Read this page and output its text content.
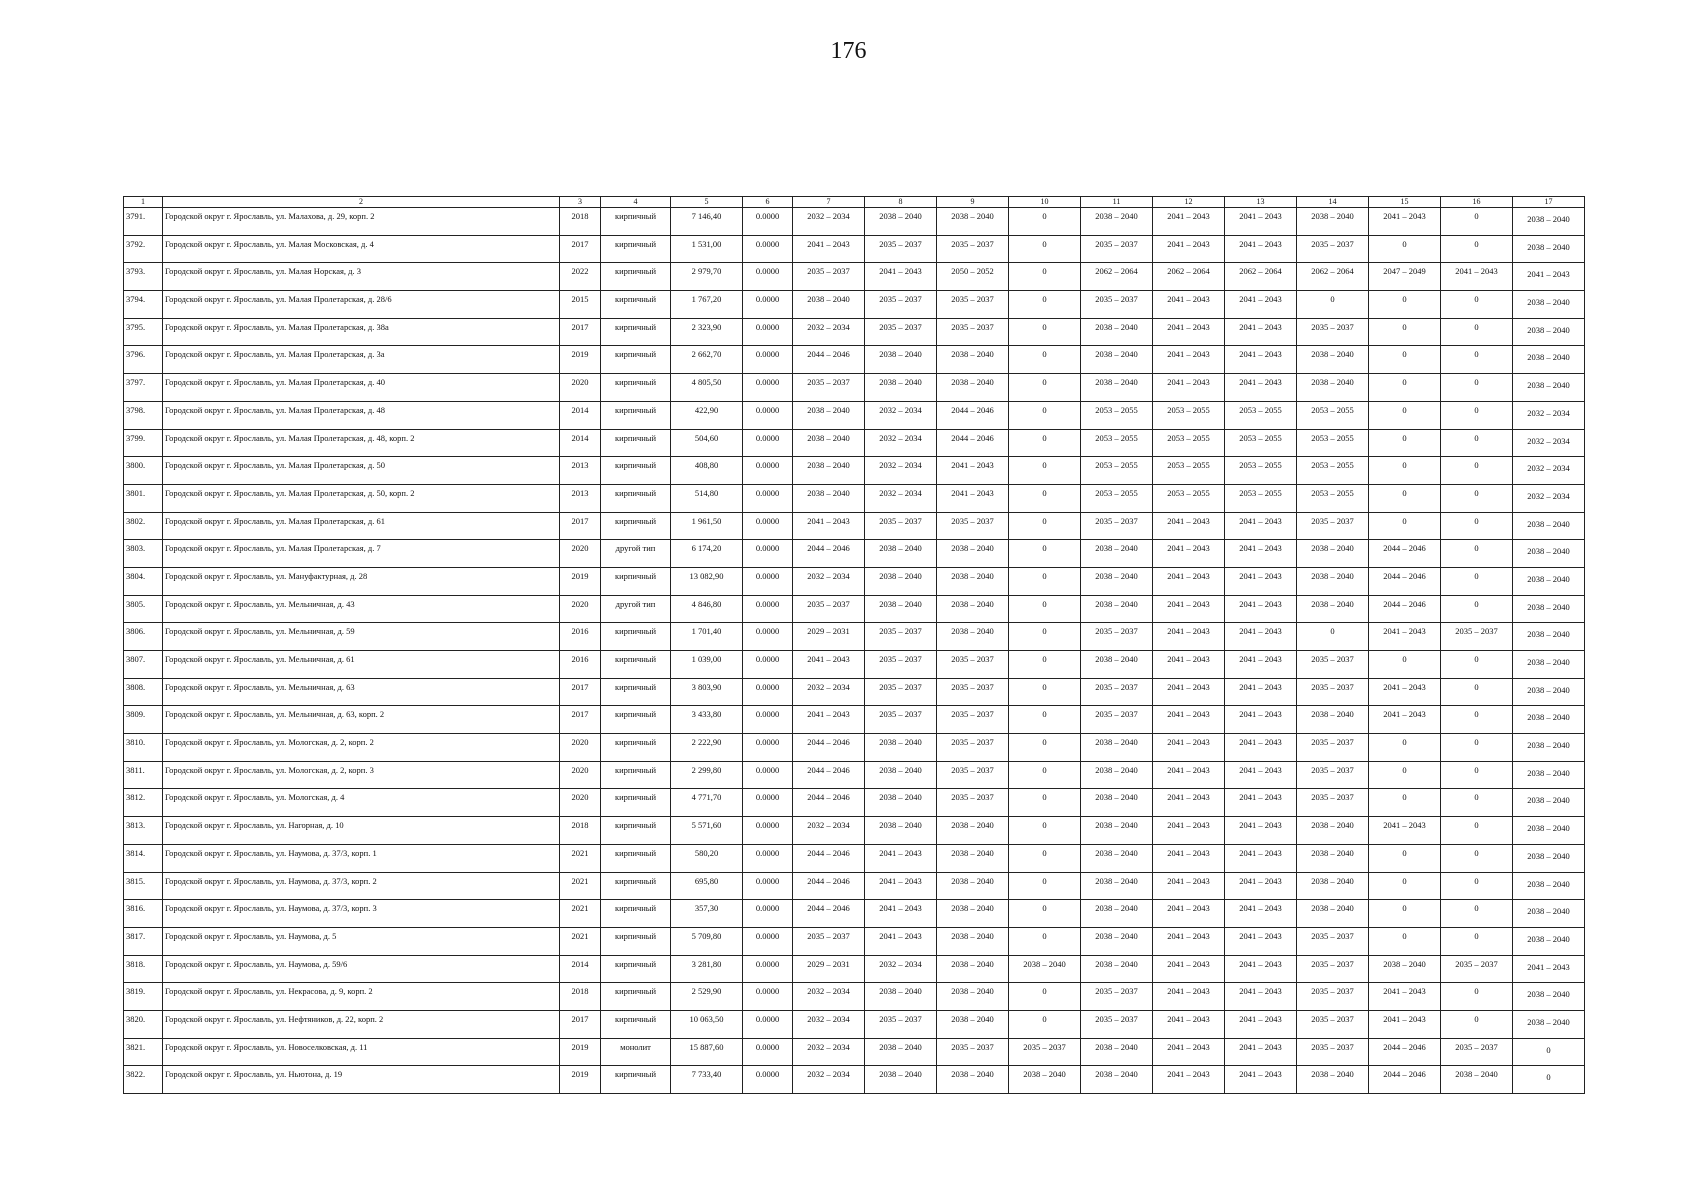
176
1	2	3	4	5	6	7	8	9	10	11	12	13	14	15	16	17
3791.	Городской округ г. Ярославль, ул. Малахова, д. 29, корп. 2	2018	кирпичный	7 146,40	0.0000	2032 – 2034	2038 – 2040	2038 – 2040	0	2038 – 2040	2041 – 2043	2041 – 2043	2038 – 2040	2041 – 2043	0	2038 – 2040
3792.	Городской округ г. Ярославль, ул. Малая Московская, д. 4	2017	кирпичный	1 531,00	0.0000	2041 – 2043	2035 – 2037	2035 – 2037	0	2035 – 2037	2041 – 2043	2041 – 2043	2035 – 2037	0	0	2038 – 2040
3793.	Городской округ г. Ярославль, ул. Малая Норская, д. 3	2022	кирпичный	2 979,70	0.0000	2035 – 2037	2041 – 2043	2050 – 2052	0	2062 – 2064	2062 – 2064	2062 – 2064	2062 – 2064	2047 – 2049	2041 – 2043	2041 – 2043
3794.	Городской округ г. Ярославль, ул. Малая Пролетарская, д. 28/6	2015	кирпичный	1 767,20	0.0000	2038 – 2040	2035 – 2037	2035 – 2037	0	2035 – 2037	2041 – 2043	2041 – 2043	0	0	0	2038 – 2040
3795.	Городской округ г. Ярославль, ул. Малая Пролетарская, д. 38а	2017	кирпичный	2 323,90	0.0000	2032 – 2034	2035 – 2037	2035 – 2037	0	2038 – 2040	2041 – 2043	2041 – 2043	2035 – 2037	0	0	2038 – 2040
3796.	Городской округ г. Ярославль, ул. Малая Пролетарская, д. 3а	2019	кирпичный	2 662,70	0.0000	2044 – 2046	2038 – 2040	2038 – 2040	0	2038 – 2040	2041 – 2043	2041 – 2043	2038 – 2040	0	0	2038 – 2040
3797.	Городской округ г. Ярославль, ул. Малая Пролетарская, д. 40	2020	кирпичный	4 805,50	0.0000	2035 – 2037	2038 – 2040	2038 – 2040	0	2038 – 2040	2041 – 2043	2041 – 2043	2038 – 2040	0	0	2038 – 2040
3798.	Городской округ г. Ярославль, ул. Малая Пролетарская, д. 48	2014	кирпичный	422,90	0.0000	2038 – 2040	2032 – 2034	2044 – 2046	0	2053 – 2055	2053 – 2055	2053 – 2055	2053 – 2055	0	0	2032 – 2034
3799.	Городской округ г. Ярославль, ул. Малая Пролетарская, д. 48, корп. 2	2014	кирпичный	504,60	0.0000	2038 – 2040	2032 – 2034	2044 – 2046	0	2053 – 2055	2053 – 2055	2053 – 2055	2053 – 2055	0	0	2032 – 2034
3800.	Городской округ г. Ярославль, ул. Малая Пролетарская, д. 50	2013	кирпичный	408,80	0.0000	2038 – 2040	2032 – 2034	2041 – 2043	0	2053 – 2055	2053 – 2055	2053 – 2055	2053 – 2055	0	0	2032 – 2034
3801.	Городской округ г. Ярославль, ул. Малая Пролетарская, д. 50, корп. 2	2013	кирпичный	514,80	0.0000	2038 – 2040	2032 – 2034	2041 – 2043	0	2053 – 2055	2053 – 2055	2053 – 2055	2053 – 2055	0	0	2032 – 2034
3802.	Городской округ г. Ярославль, ул. Малая Пролетарская, д. 61	2017	кирпичный	1 961,50	0.0000	2041 – 2043	2035 – 2037	2035 – 2037	0	2035 – 2037	2041 – 2043	2041 – 2043	2035 – 2037	0	0	2038 – 2040
3803.	Городской округ г. Ярославль, ул. Малая Пролетарская, д. 7	2020	другой тип	6 174,20	0.0000	2044 – 2046	2038 – 2040	2038 – 2040	0	2038 – 2040	2041 – 2043	2041 – 2043	2038 – 2040	2044 – 2046	0	2038 – 2040
3804.	Городской округ г. Ярославль, ул. Мануфактурная, д. 28	2019	кирпичный	13 082,90	0.0000	2032 – 2034	2038 – 2040	2038 – 2040	0	2038 – 2040	2041 – 2043	2041 – 2043	2038 – 2040	2044 – 2046	0	2038 – 2040
3805.	Городской округ г. Ярославль, ул. Мельничная, д. 43	2020	другой тип	4 846,80	0.0000	2035 – 2037	2038 – 2040	2038 – 2040	0	2038 – 2040	2041 – 2043	2041 – 2043	2038 – 2040	2044 – 2046	0	2038 – 2040
3806.	Городской округ г. Ярославль, ул. Мельничная, д. 59	2016	кирпичный	1 701,40	0.0000	2029 – 2031	2035 – 2037	2038 – 2040	0	2035 – 2037	2041 – 2043	2041 – 2043	0	2041 – 2043	2035 – 2037	2038 – 2040
3807.	Городской округ г. Ярославль, ул. Мельничная, д. 61	2016	кирпичный	1 039,00	0.0000	2041 – 2043	2035 – 2037	2035 – 2037	0	2038 – 2040	2041 – 2043	2041 – 2043	2035 – 2037	0	0	2038 – 2040
3808.	Городской округ г. Ярославль, ул. Мельничная, д. 63	2017	кирпичный	3 803,90	0.0000	2032 – 2034	2035 – 2037	2035 – 2037	0	2035 – 2037	2041 – 2043	2041 – 2043	2035 – 2037	2041 – 2043	0	2038 – 2040
3809.	Городской округ г. Ярославль, ул. Мельничная, д. 63, корп. 2	2017	кирпичный	3 433,80	0.0000	2041 – 2043	2035 – 2037	2035 – 2037	0	2035 – 2037	2041 – 2043	2041 – 2043	2038 – 2040	2041 – 2043	0	2038 – 2040
3810.	Городской округ г. Ярославль, ул. Мологская, д. 2, корп. 2	2020	кирпичный	2 222,90	0.0000	2044 – 2046	2038 – 2040	2035 – 2037	0	2038 – 2040	2041 – 2043	2041 – 2043	2035 – 2037	0	0	2038 – 2040
3811.	Городской округ г. Ярославль, ул. Мологская, д. 2, корп. 3	2020	кирпичный	2 299,80	0.0000	2044 – 2046	2038 – 2040	2035 – 2037	0	2038 – 2040	2041 – 2043	2041 – 2043	2035 – 2037	0	0	2038 – 2040
3812.	Городской округ г. Ярославль, ул. Мологская, д. 4	2020	кирпичный	4 771,70	0.0000	2044 – 2046	2038 – 2040	2035 – 2037	0	2038 – 2040	2041 – 2043	2041 – 2043	2035 – 2037	0	0	2038 – 2040
3813.	Городской округ г. Ярославль, ул. Нагорная, д. 10	2018	кирпичный	5 571,60	0.0000	2032 – 2034	2038 – 2040	2038 – 2040	0	2038 – 2040	2041 – 2043	2041 – 2043	2038 – 2040	2041 – 2043	0	2038 – 2040
3814.	Городской округ г. Ярославль, ул. Наумова, д. 37/3, корп. 1	2021	кирпичный	580,20	0.0000	2044 – 2046	2041 – 2043	2038 – 2040	0	2038 – 2040	2041 – 2043	2041 – 2043	2038 – 2040	0	0	2038 – 2040
3815.	Городской округ г. Ярославль, ул. Наумова, д. 37/3, корп. 2	2021	кирпичный	695,80	0.0000	2044 – 2046	2041 – 2043	2038 – 2040	0	2038 – 2040	2041 – 2043	2041 – 2043	2038 – 2040	0	0	2038 – 2040
3816.	Городской округ г. Ярославль, ул. Наумова, д. 37/3, корп. 3	2021	кирпичный	357,30	0.0000	2044 – 2046	2041 – 2043	2038 – 2040	0	2038 – 2040	2041 – 2043	2041 – 2043	2038 – 2040	0	0	2038 – 2040
3817.	Городской округ г. Ярославль, ул. Наумова, д. 5	2021	кирпичный	5 709,80	0.0000	2035 – 2037	2041 – 2043	2038 – 2040	0	2038 – 2040	2041 – 2043	2041 – 2043	2035 – 2037	0	0	2038 – 2040
3818.	Городской округ г. Ярославль, ул. Наумова, д. 59/6	2014	кирпичный	3 281,80	0.0000	2029 – 2031	2032 – 2034	2038 – 2040	2038 – 2040	2038 – 2040	2041 – 2043	2041 – 2043	2035 – 2037	2038 – 2040	2035 – 2037	2041 – 2043
3819.	Городской округ г. Ярославль, ул. Некрасова, д. 9, корп. 2	2018	кирпичный	2 529,90	0.0000	2032 – 2034	2038 – 2040	2038 – 2040	0	2035 – 2037	2041 – 2043	2041 – 2043	2035 – 2037	2041 – 2043	0	2038 – 2040
3820.	Городской округ г. Ярославль, ул. Нефтяников, д. 22, корп. 2	2017	кирпичный	10 063,50	0.0000	2032 – 2034	2035 – 2037	2038 – 2040	0	2035 – 2037	2041 – 2043	2041 – 2043	2035 – 2037	2041 – 2043	0	2038 – 2040
3821.	Городской округ г. Ярославль, ул. Новоселковская, д. 11	2019	монолит	15 887,60	0.0000	2032 – 2034	2038 – 2040	2035 – 2037	2035 – 2037	2038 – 2040	2041 – 2043	2041 – 2043	2035 – 2037	2044 – 2046	2035 – 2037	0
3822.	Городской округ г. Ярославль, ул. Ньютона, д. 19	2019	кирпичный	7 733,40	0.0000	2032 – 2034	2038 – 2040	2038 – 2040	2038 – 2040	2038 – 2040	2041 – 2043	2041 – 2043	2038 – 2040	2044 – 2046	2038 – 2040	0
